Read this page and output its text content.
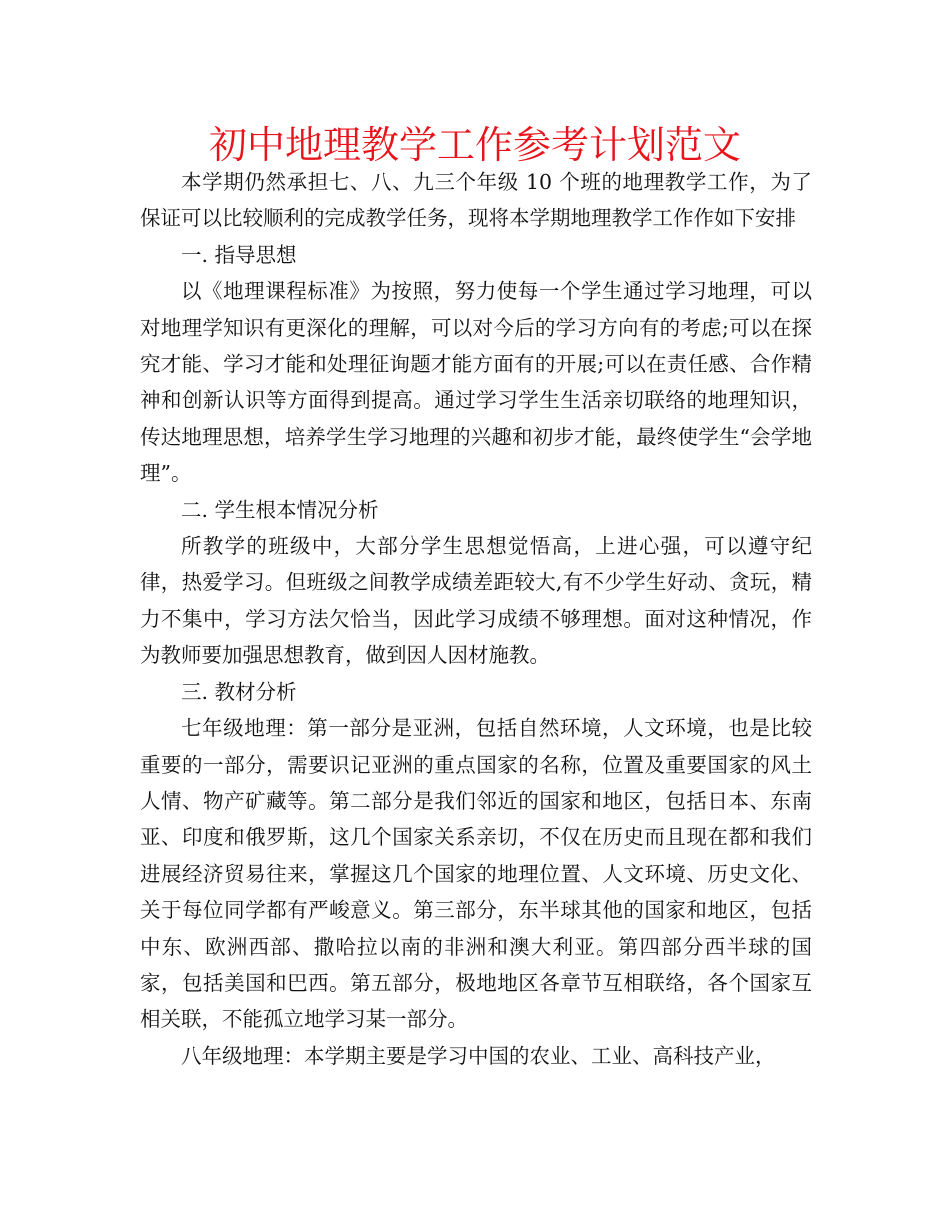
初中地理教学工作参考计划范文

本学期仍然承担七、八、九三个年级 10 个班的地理教学工作，为了保证可以比较顺利的完成教学任务，现将本学期地理教学工作作如下安排

一. 指导思想

以《地理课程标准》为按照，努力使每一个学生通过学习地理，可以对地理学知识有更深化的理解，可以对今后的学习方向有的考虑;可以在探究才能、学习才能和处理征询题才能方面有的开展;可以在责任感、合作精神和创新认识等方面得到提高。通过学习学生生活亲切联络的地理知识，传达地理思想，培养学生学习地理的兴趣和初步才能，最终使学生“会学地理”。

二. 学生根本情况分析

所教学的班级中，大部分学生思想觉悟高，上进心强，可以遵守纪律，热爱学习。但班级之间教学成绩差距较大,有不少学生好动、贪玩，精力不集中，学习方法欠恰当，因此学习成绩不够理想。面对这种情况，作为教师要加强思想教育，做到因人因材施教。

三. 教材分析

七年级地理：第一部分是亚洲，包括自然环境，人文环境，也是比较重要的一部分，需要识记亚洲的重点国家的名称，位置及重要国家的风土人情、物产矿藏等。第二部分是我们邻近的国家和地区，包括日本、东南亚、印度和俄罗斯，这几个国家关系亲切，不仅在历史而且现在都和我们进展经济贸易往来，掌握这几个国家的地理位置、人文环境、历史文化、关于每位同学都有严峻意义。第三部分，东半球其他的国家和地区，包括中东、欧洲西部、撒哈拉以南的非洲和澳大利亚。第四部分西半球的国家，包括美国和巴西。第五部分，极地地区各章节互相联络，各个国家互相关联，不能孤立地学习某一部分。

八年级地理：本学期主要是学习中国的农业、工业、高科技产业，
